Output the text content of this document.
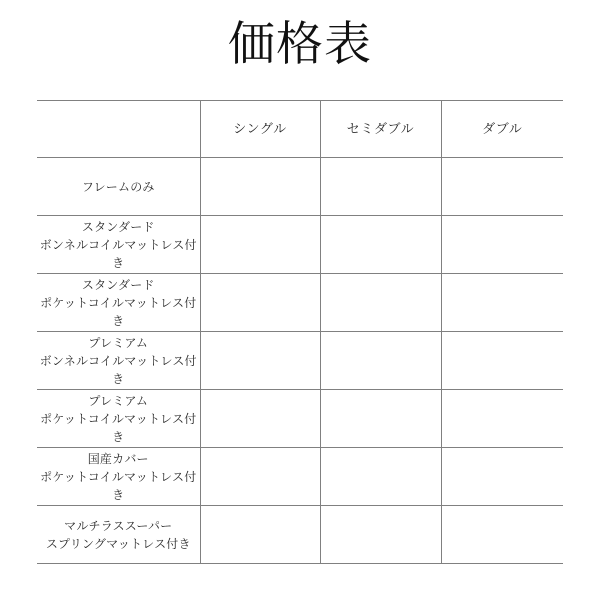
価格表
	シングル	セミダブル	ダブル

フレームのみ			

スタンダード
ボンネルコイルマットレス付き			

スタンダード
ポケットコイルマットレス付き			

プレミアム
ボンネルコイルマットレス付き			

プレミアム
ポケットコイルマットレス付き			

国産カバー
ポケットコイルマットレス付き			

マルチラススーパー
スプリングマットレス付き			
